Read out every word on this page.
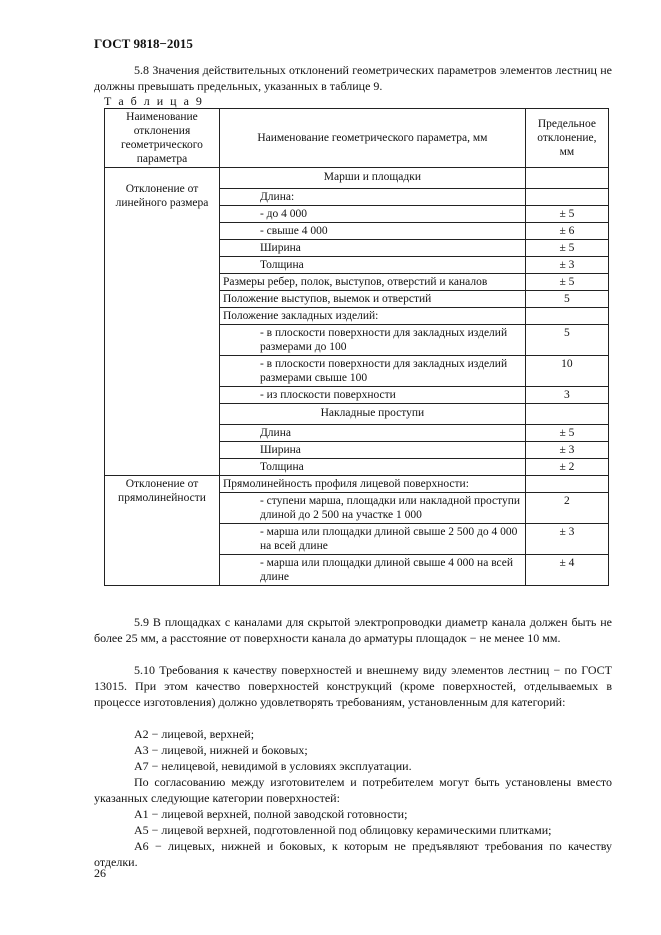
ГОСТ 9818−2015
5.8 Значения действительных отклонений геометрических параметров элементов лестниц не должны превышать предельных, указанных в таблице 9.
Т а б л и ц а 9
Наименование отклонения геометрического параметра	Наименование геометрического параметра, мм	Предельное отклонение, мм
Отклонение от линейного размера	Марши и площадки	
	Длина:	
	- до 4 000	± 5
	- свыше 4 000	± 6
	Ширина	± 5
	Толщина	± 3
	Размеры ребер, полок, выступов, отверстий и каналов	± 5
	Положение выступов, выемок и отверстий	5
	Положение закладных изделий:	
	- в плоскости поверхности для закладных изделий размерами до 100	5
	- в плоскости поверхности для закладных изделий размерами свыше 100	10
	- из плоскости поверхности	3
	Накладные проступи	
	Длина	± 5
	Ширина	± 3
	Толщина	± 2
Отклонение от прямолинейности	Прямолинейность профиля лицевой поверхности:	
	- ступени марша, площадки или накладной проступи длиной до 2 500 на участке 1 000	2
	- марша или площадки длиной свыше 2 500 до 4 000 на всей длине	± 3
	- марша или площадки длиной свыше 4 000 на всей длине	± 4
5.9 В площадках с каналами для скрытой электропроводки диаметр канала должен быть не более 25 мм, а расстояние от поверхности канала до арматуры площадок − не менее 10 мм.
5.10 Требования к качеству поверхностей и внешнему виду элементов лестниц − по ГОСТ 13015. При этом качество поверхностей конструкций (кроме поверхностей, отделываемых в процессе изготовления) должно удовлетворять требованиям, установленным для категорий:
А2 − лицевой, верхней;
А3 − лицевой, нижней и боковых;
А7 − нелицевой, невидимой в условиях эксплуатации.
По согласованию между изготовителем и потребителем могут быть установлены вместо указанных следующие категории поверхностей:
А1 − лицевой верхней, полной заводской готовности;
А5 − лицевой верхней, подготовленной под облицовку керамическими плитками;
А6 − лицевых, нижней и боковых, к которым не предъявляют требования по качеству отделки.
26
